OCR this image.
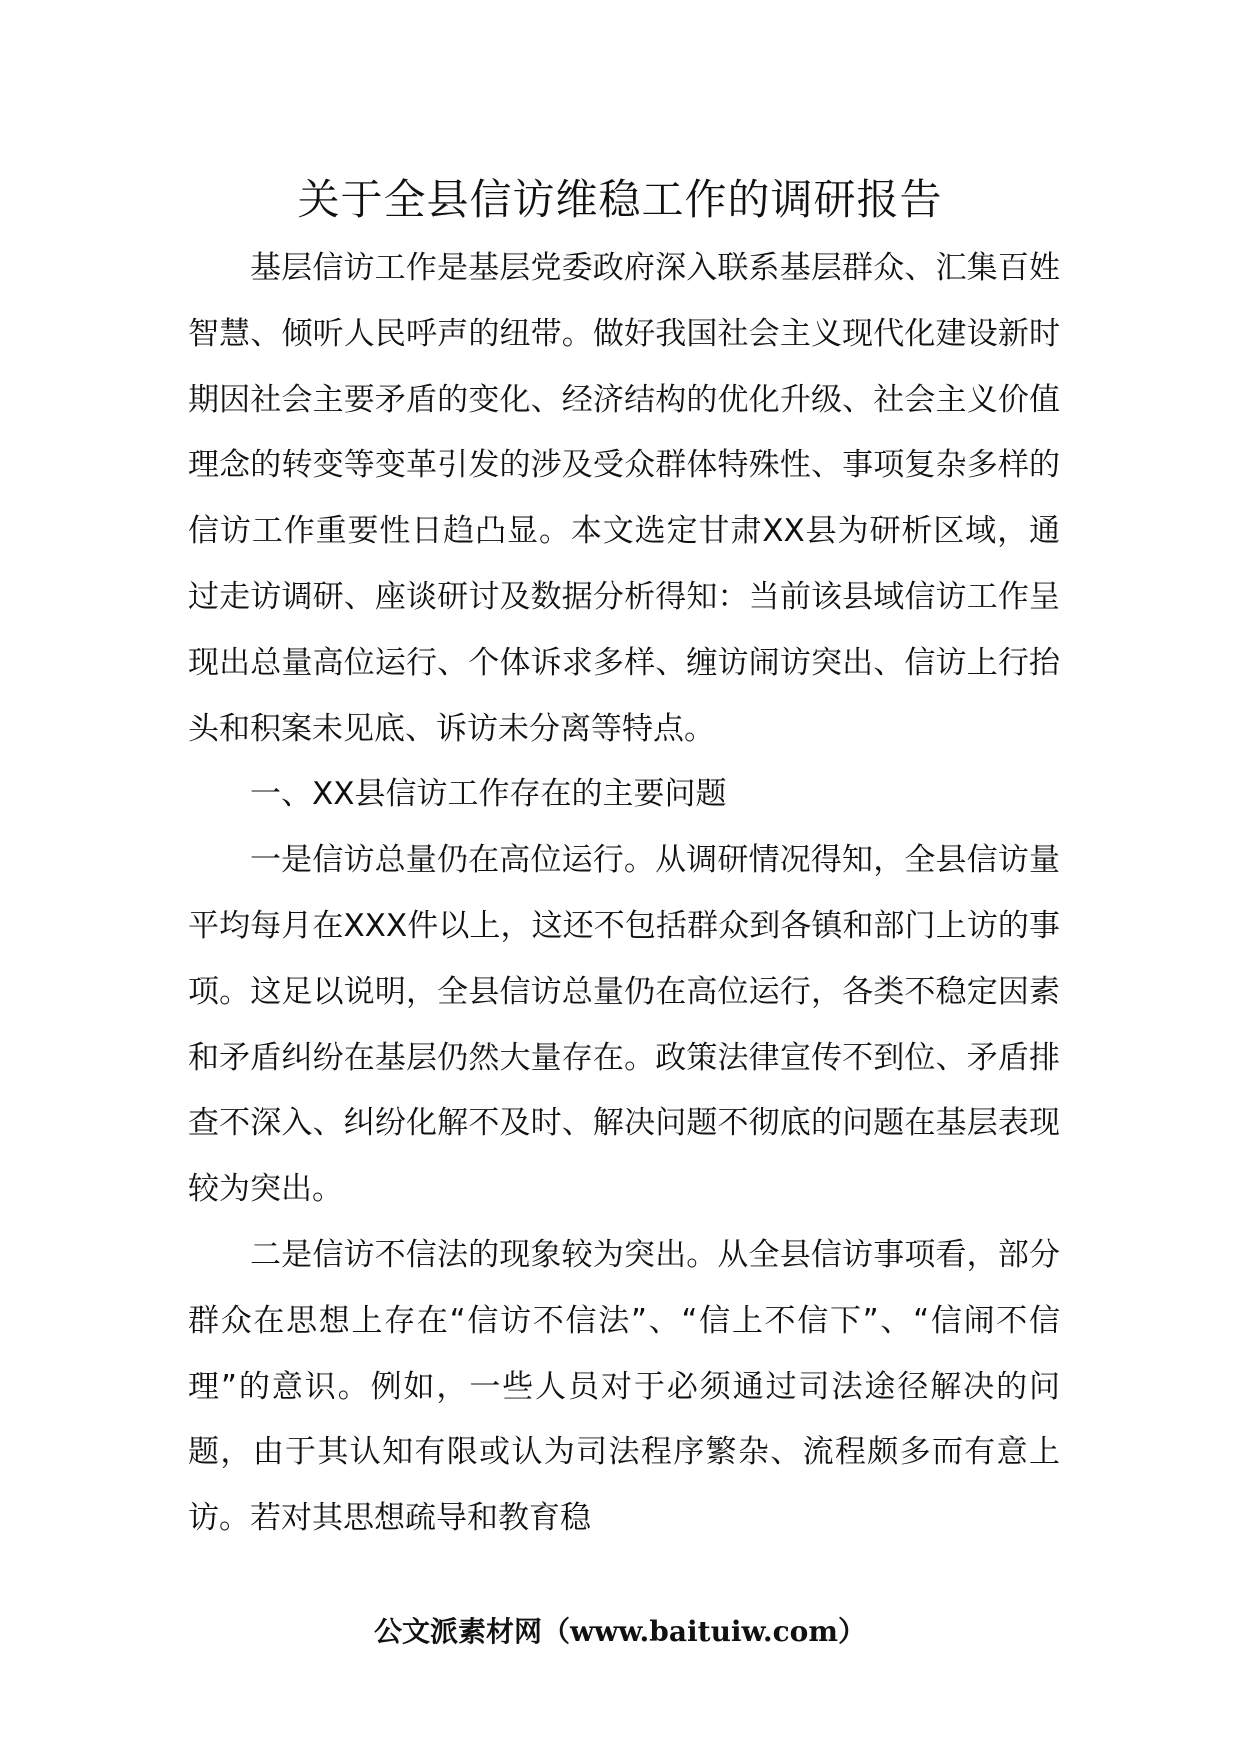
关于全县信访维稳工作的调研报告

基层信访工作是基层党委政府深入联系基层群众、汇集百姓智慧、倾听人民呼声的纽带。做好我国社会主义现代化建设新时期因社会主要矛盾的变化、经济结构的优化升级、社会主义价值理念的转变等变革引发的涉及受众群体特殊性、事项复杂多样的信访工作重要性日趋凸显。本文选定甘肃XX县为研析区域，通过走访调研、座谈研讨及数据分析得知：当前该县域信访工作呈现出总量高位运行、个体诉求多样、缠访闹访突出、信访上行抬头和积案未见底、诉访未分离等特点。

一、XX县信访工作存在的主要问题

一是信访总量仍在高位运行。从调研情况得知，全县信访量平均每月在XXX件以上，这还不包括群众到各镇和部门上访的事项。这足以说明，全县信访总量仍在高位运行，各类不稳定因素和矛盾纠纷在基层仍然大量存在。政策法律宣传不到位、矛盾排查不深入、纠纷化解不及时、解决问题不彻底的问题在基层表现较为突出。

二是信访不信法的现象较为突出。从全县信访事项看，部分群众在思想上存在“信访不信法”、“信上不信下”、“信闹不信理”的意识。例如，一些人员对于必须通过司法途径解决的问题，由于其认知有限或认为司法程序繁杂、流程颇多而有意上访。若对其思想疏导和教育稳

公文派素材网（www.baituiw.com）
